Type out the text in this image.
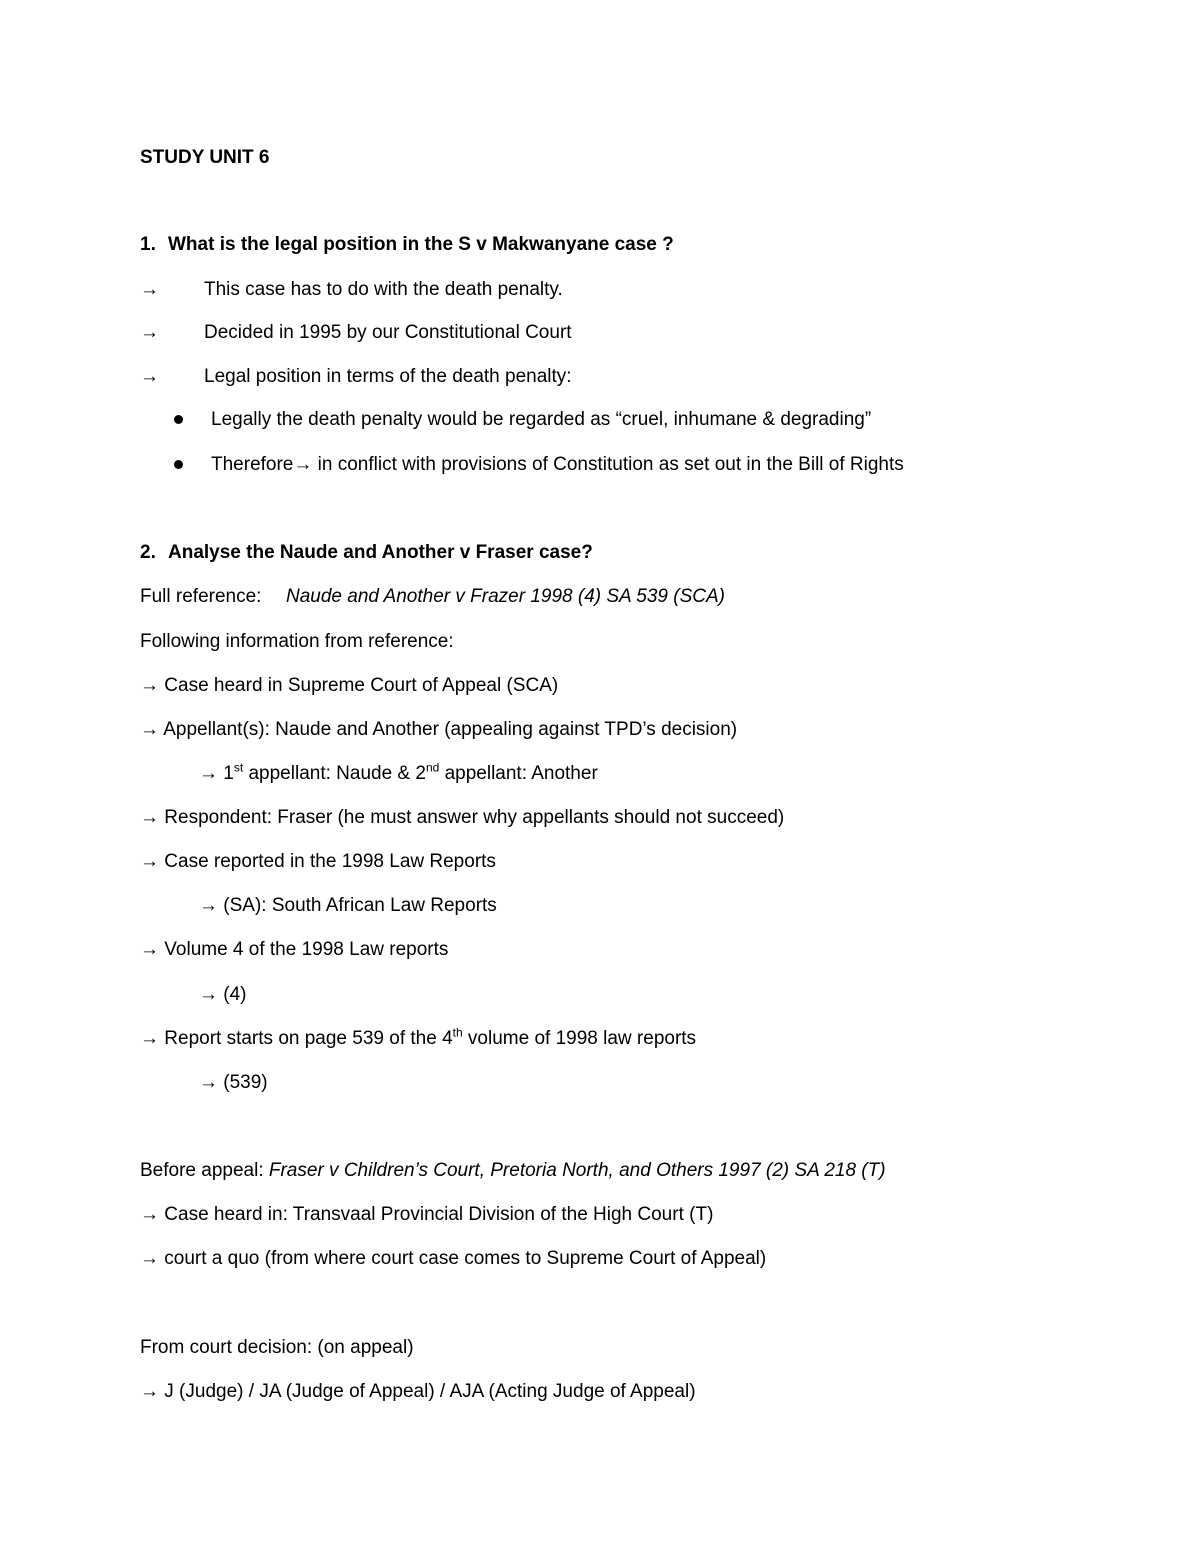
STUDY UNIT 6
1. What is the legal position in the S v Makwanyane case ?
→ This case has to do with the death penalty.
→ Decided in 1995 by our Constitutional Court
→ Legal position in terms of the death penalty:
Legally the death penalty would be regarded as “cruel, inhumane & degrading”
Therefore→ in conflict with provisions of Constitution as set out in the Bill of Rights
2. Analyse the Naude and Another v Fraser case?
Full reference: Naude and Another v Frazer 1998 (4) SA 539 (SCA)
Following information from reference:
→ Case heard in Supreme Court of Appeal (SCA)
→ Appellant(s): Naude and Another (appealing against TPD’s decision)
→ 1st appellant: Naude & 2nd appellant: Another
→ Respondent: Fraser (he must answer why appellants should not succeed)
→ Case reported in the 1998 Law Reports
→ (SA): South African Law Reports
→ Volume 4 of the 1998 Law reports
→ (4)
→ Report starts on page 539 of the 4th volume of 1998 law reports
→ (539)
Before appeal: Fraser v Children’s Court, Pretoria North, and Others 1997 (2) SA 218 (T)
→ Case heard in: Transvaal Provincial Division of the High Court (T)
→ court a quo (from where court case comes to Supreme Court of Appeal)
From court decision: (on appeal)
→ J (Judge) / JA (Judge of Appeal) / AJA (Acting Judge of Appeal)
